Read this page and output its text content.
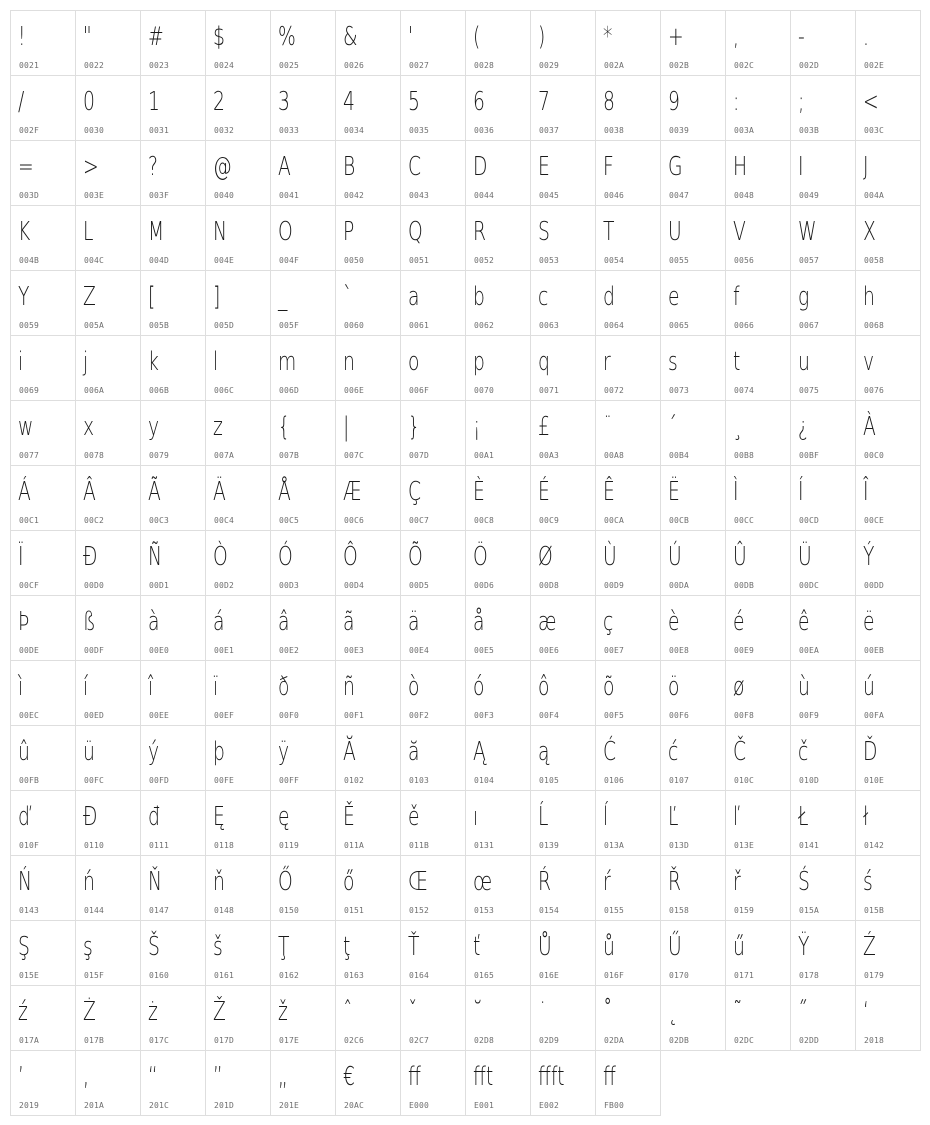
!
0021
"
0022
#
0023
$
0024
%
0025
&
0026
'
0027
(
0028
)
0029
*
002A
+
002B
,
002C
-
002D
.
002E
/
002F
0
0030
1
0031
2
0032
3
0033
4
0034
5
0035
6
0036
7
0037
8
0038
9
0039
:
003A
;
003B
<
003C
=
003D
>
003E
?
003F
@
0040
A
0041
B
0042
C
0043
D
0044
E
0045
F
0046
G
0047
H
0048
I
0049
J
004A
K
004B
L
004C
M
004D
N
004E
O
004F
P
0050
Q
0051
R
0052
S
0053
T
0054
U
0055
V
0056
W
0057
X
0058
Y
0059
Z
005A
[
005B
]
005D
_
005F
`
0060
a
0061
b
0062
c
0063
d
0064
e
0065
f
0066
g
0067
h
0068
i
0069
j
006A
k
006B
l
006C
m
006D
n
006E
o
006F
p
0070
q
0071
r
0072
s
0073
t
0074
u
0075
v
0076
w
0077
x
0078
y
0079
z
007A
{
007B
|
007C
}
007D
¡
00A1
£
00A3
¨
00A8
´
00B4
¸
00B8
¿
00BF
À
00C0
Á
00C1
Â
00C2
Ã
00C3
Ä
00C4
Å
00C5
Æ
00C6
Ç
00C7
È
00C8
É
00C9
Ê
00CA
Ë
00CB
Ì
00CC
Í
00CD
Î
00CE
Ï
00CF
Ð
00D0
Ñ
00D1
Ò
00D2
Ó
00D3
Ô
00D4
Õ
00D5
Ö
00D6
Ø
00D8
Ù
00D9
Ú
00DA
Û
00DB
Ü
00DC
Ý
00DD
Þ
00DE
ß
00DF
à
00E0
á
00E1
â
00E2
ã
00E3
ä
00E4
å
00E5
æ
00E6
ç
00E7
è
00E8
é
00E9
ê
00EA
ë
00EB
ì
00EC
í
00ED
î
00EE
ï
00EF
ð
00F0
ñ
00F1
ò
00F2
ó
00F3
ô
00F4
õ
00F5
ö
00F6
ø
00F8
ù
00F9
ú
00FA
û
00FB
ü
00FC
ý
00FD
þ
00FE
ÿ
00FF
Ă
0102
ă
0103
Ą
0104
ą
0105
Ć
0106
ć
0107
Č
010C
č
010D
Ď
010E
ď
010F
Đ
0110
đ
0111
Ę
0118
ę
0119
Ě
011A
ě
011B
ı
0131
Ĺ
0139
ĺ
013A
Ľ
013D
ľ
013E
Ł
0141
ł
0142
Ń
0143
ń
0144
Ň
0147
ň
0148
Ő
0150
ő
0151
Œ
0152
œ
0153
Ŕ
0154
ŕ
0155
Ř
0158
ř
0159
Ś
015A
ś
015B
Ş
015E
ş
015F
Š
0160
š
0161
Ţ
0162
ţ
0163
Ť
0164
ť
0165
Ů
016E
ů
016F
Ű
0170
ű
0171
Ÿ
0178
Ź
0179
ź
017A
Ż
017B
ż
017C
Ž
017D
ž
017E
ˆ
02C6
ˇ
02C7
˘
02D8
˙
02D9
˚
02DA
˛
02DB
˜
02DC
˝
02DD
‘
2018
’
2019
‚
201A
“
201C
”
201D
„
201E
€
20AC
ff
E000
fft
E001
ffft
E002
ff
FB00
